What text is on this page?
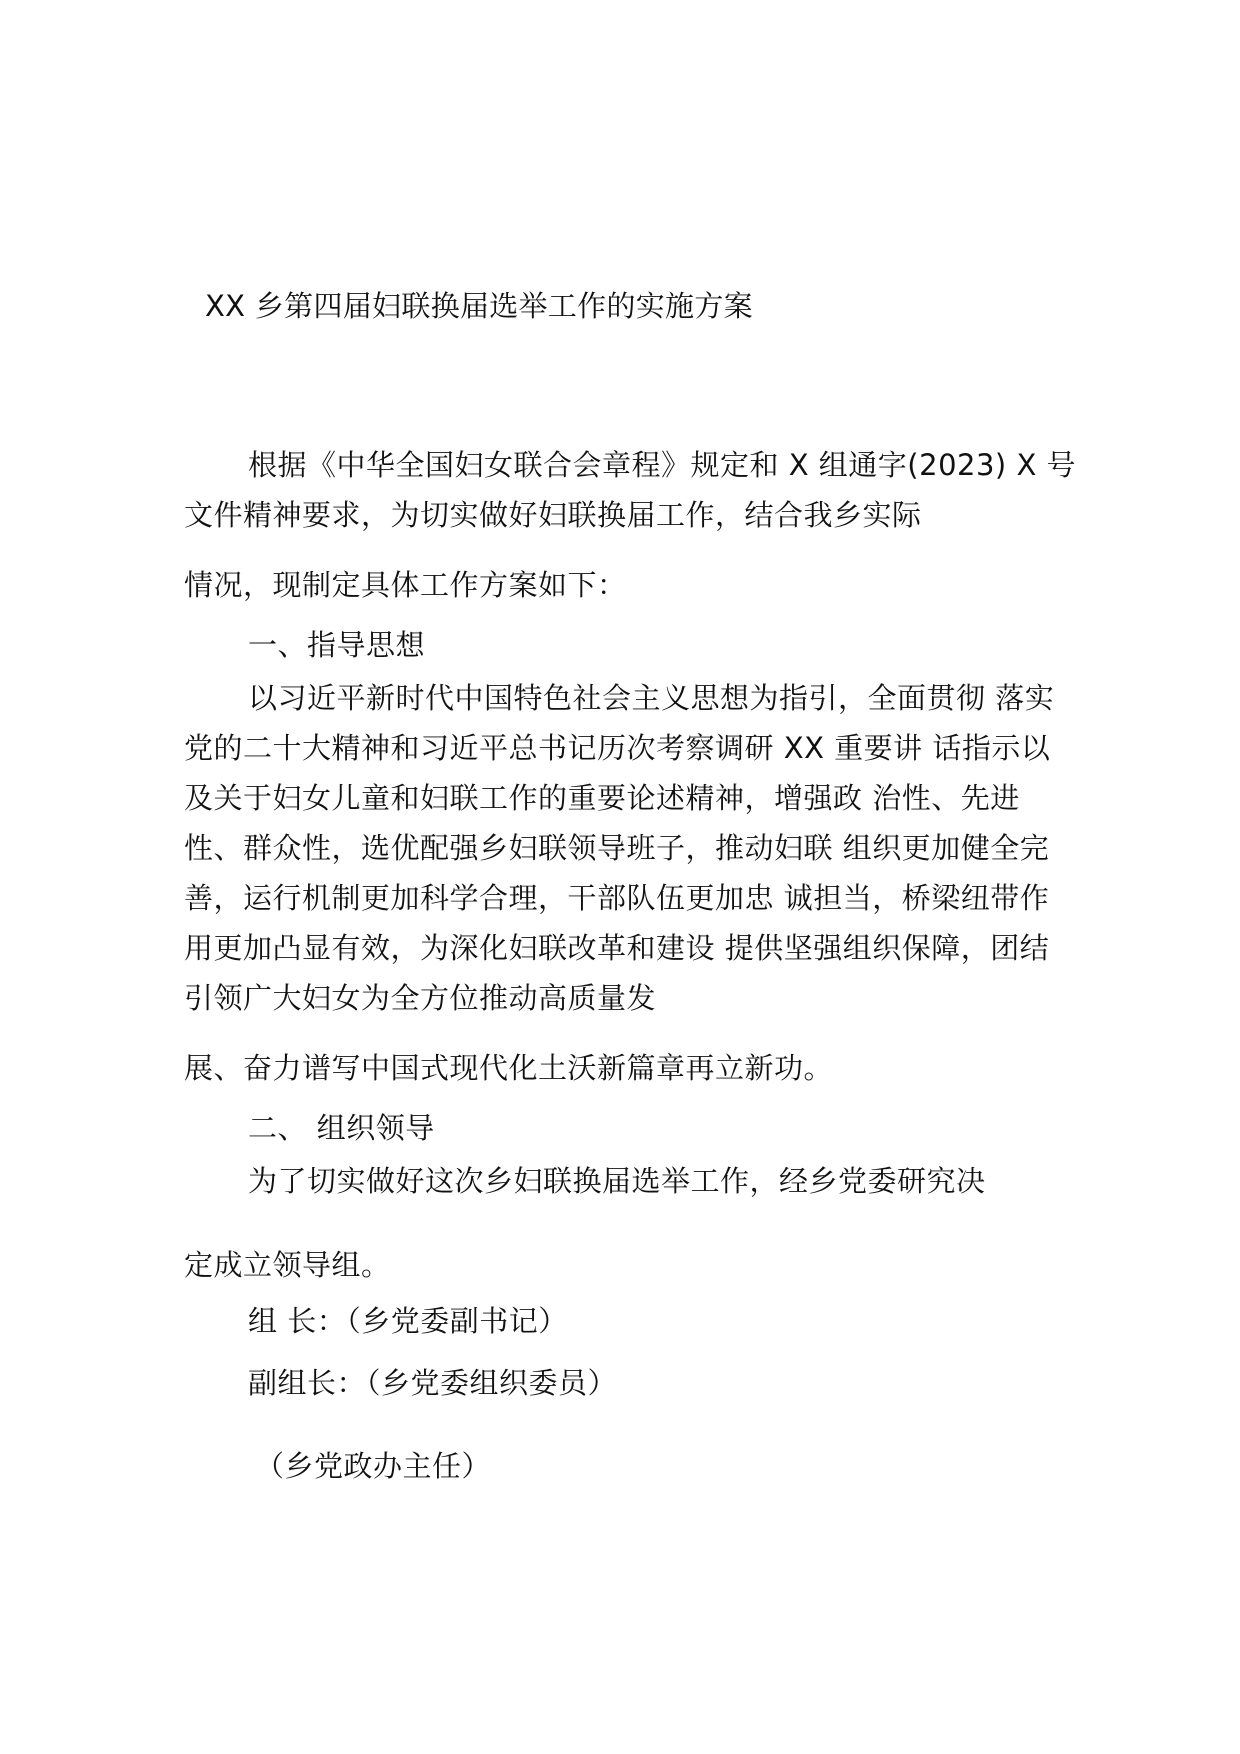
XX 乡第四届妇联换届选举工作的实施方案
根据《中华全国妇女联合会章程》规定和 X 组通字(2023) X 号
文件精神要求，为切实做好妇联换届工作，结合我乡实际
情况，现制定具体工作方案如下：
一、指导思想
以习近平新时代中国特色社会主义思想为指引，全面贯彻 落实
党的二十大精神和习近平总书记历次考察调研 XX 重要讲 话指示以
及关于妇女儿童和妇联工作的重要论述精神，增强政 治性、先进
性、群众性，选优配强乡妇联领导班子，推动妇联 组织更加健全完
善，运行机制更加科学合理，干部队伍更加忠 诚担当，桥梁纽带作
用更加凸显有效，为深化妇联改革和建设 提供坚强组织保障，团结
引领广大妇女为全方位推动高质量发
展、奋力谱写中国式现代化土沃新篇章再立新功。
二、 组织领导
为了切实做好这次乡妇联换届选举工作，经乡党委研究决
定成立领导组。
组 长：（乡党委副书记）
副组长：（乡党委组织委员）
（乡党政办主任）
